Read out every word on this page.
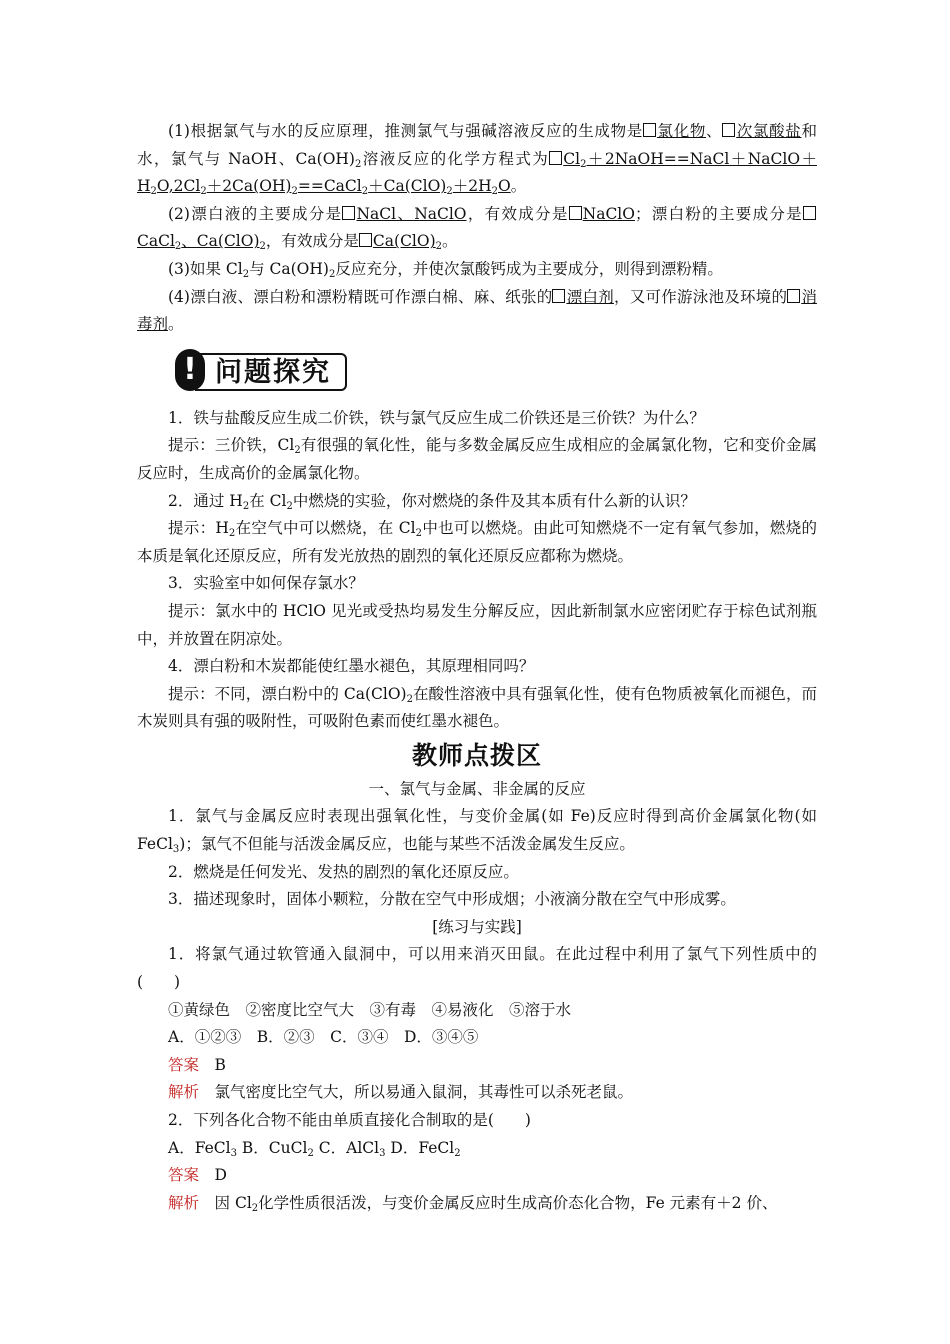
(1)根据氯气与水的反应原理，推测氯气与强碱溶液反应的生成物是 氯化物、 次氯酸盐和水，氯气与 NaOH、$Ca(OH)_2$溶液反应的化学方程式为 $Cl_2+2NaOH==NaCl+NaClO+H_2O,2Cl_2+2Ca(OH)_2==CaCl_2+Ca(ClO)_2+2H_2O$。

(2)漂白液的主要成分是 NaCl、NaClO，有效成分是 NaClO；漂白粉的主要成分是CaCl$_2$、$Ca(ClO)_2$，有效成分是 $Ca(ClO)_2$。

(3)如果 $Cl_2$与 $Ca(OH)_2$反应充分，并使次氯酸钙成为主要成分，则得到漂粉精。

(4)漂白液、漂白粉和漂粉精既可作漂白棉、麻、纸张的 漂白剂，又可作游泳池及环境的 消毒剂。

! 问题探究

1．铁与盐酸反应生成二价铁，铁与氯气反应生成二价铁还是三价铁？为什么？

提示：三价铁，$Cl_2$有很强的氧化性，能与多数金属反应生成相应的金属氯化物，它和变价金属反应时，生成高价的金属氯化物。

2．通过 $H_2$在 $Cl_2$中燃烧的实验，你对燃烧的条件及其本质有什么新的认识？

提示：$H_2$在空气中可以燃烧，在 $Cl_2$中也可以燃烧。由此可知燃烧不一定有氧气参加，燃烧的本质是氧化还原反应，所有发光放热的剧烈的氧化还原反应都称为燃烧。

3．实验室中如何保存氯水？

提示：氯水中的 HClO 见光或受热均易发生分解反应，因此新制氯水应密闭贮存于棕色试剂瓶中，并放置在阴凉处。

4．漂白粉和木炭都能使红墨水褪色，其原理相同吗？

提示：不同，漂白粉中的 $Ca(ClO)_2$在酸性溶液中具有强氧化性，使有色物质被氧化而褪色，而木炭则具有强的吸附性，可吸附色素而使红墨水褪色。

教师点拨区

一、氯气与金属、非金属的反应

1．氯气与金属反应时表现出强氧化性，与变价金属(如 Fe)反应时得到高价金属氯化物(如 FeCl$_3$)；氯气不但能与活泼金属反应，也能与某些不活泼金属发生反应。

2．燃烧是任何发光、发热的剧烈的氧化还原反应。

3．描述现象时，固体小颗粒，分散在空气中形成烟；小液滴分散在空气中形成雾。

[练习与实践]

1．将氯气通过软管通入鼠洞中，可以用来消灭田鼠。在此过程中利用了氯气下列性质中的(　　)

①黄绿色　②密度比空气大　③有毒　④易液化　⑤溶于水

A．①②③　B．②③　C．③④　D．③④⑤

答案　 B

解析　 氯气密度比空气大，所以易通入鼠洞，其毒性可以杀死老鼠。

2．下列各化合物不能由单质直接化合制取的是(　　)

A．FeCl$_3$ B．CuCl$_2$ C．AlCl$_3$ D．FeCl$_2$

答案　 D

解析　 因 $Cl_2$化学性质很活泼，与变价金属反应时生成高价态化合物，Fe 元素有＋2 价、
